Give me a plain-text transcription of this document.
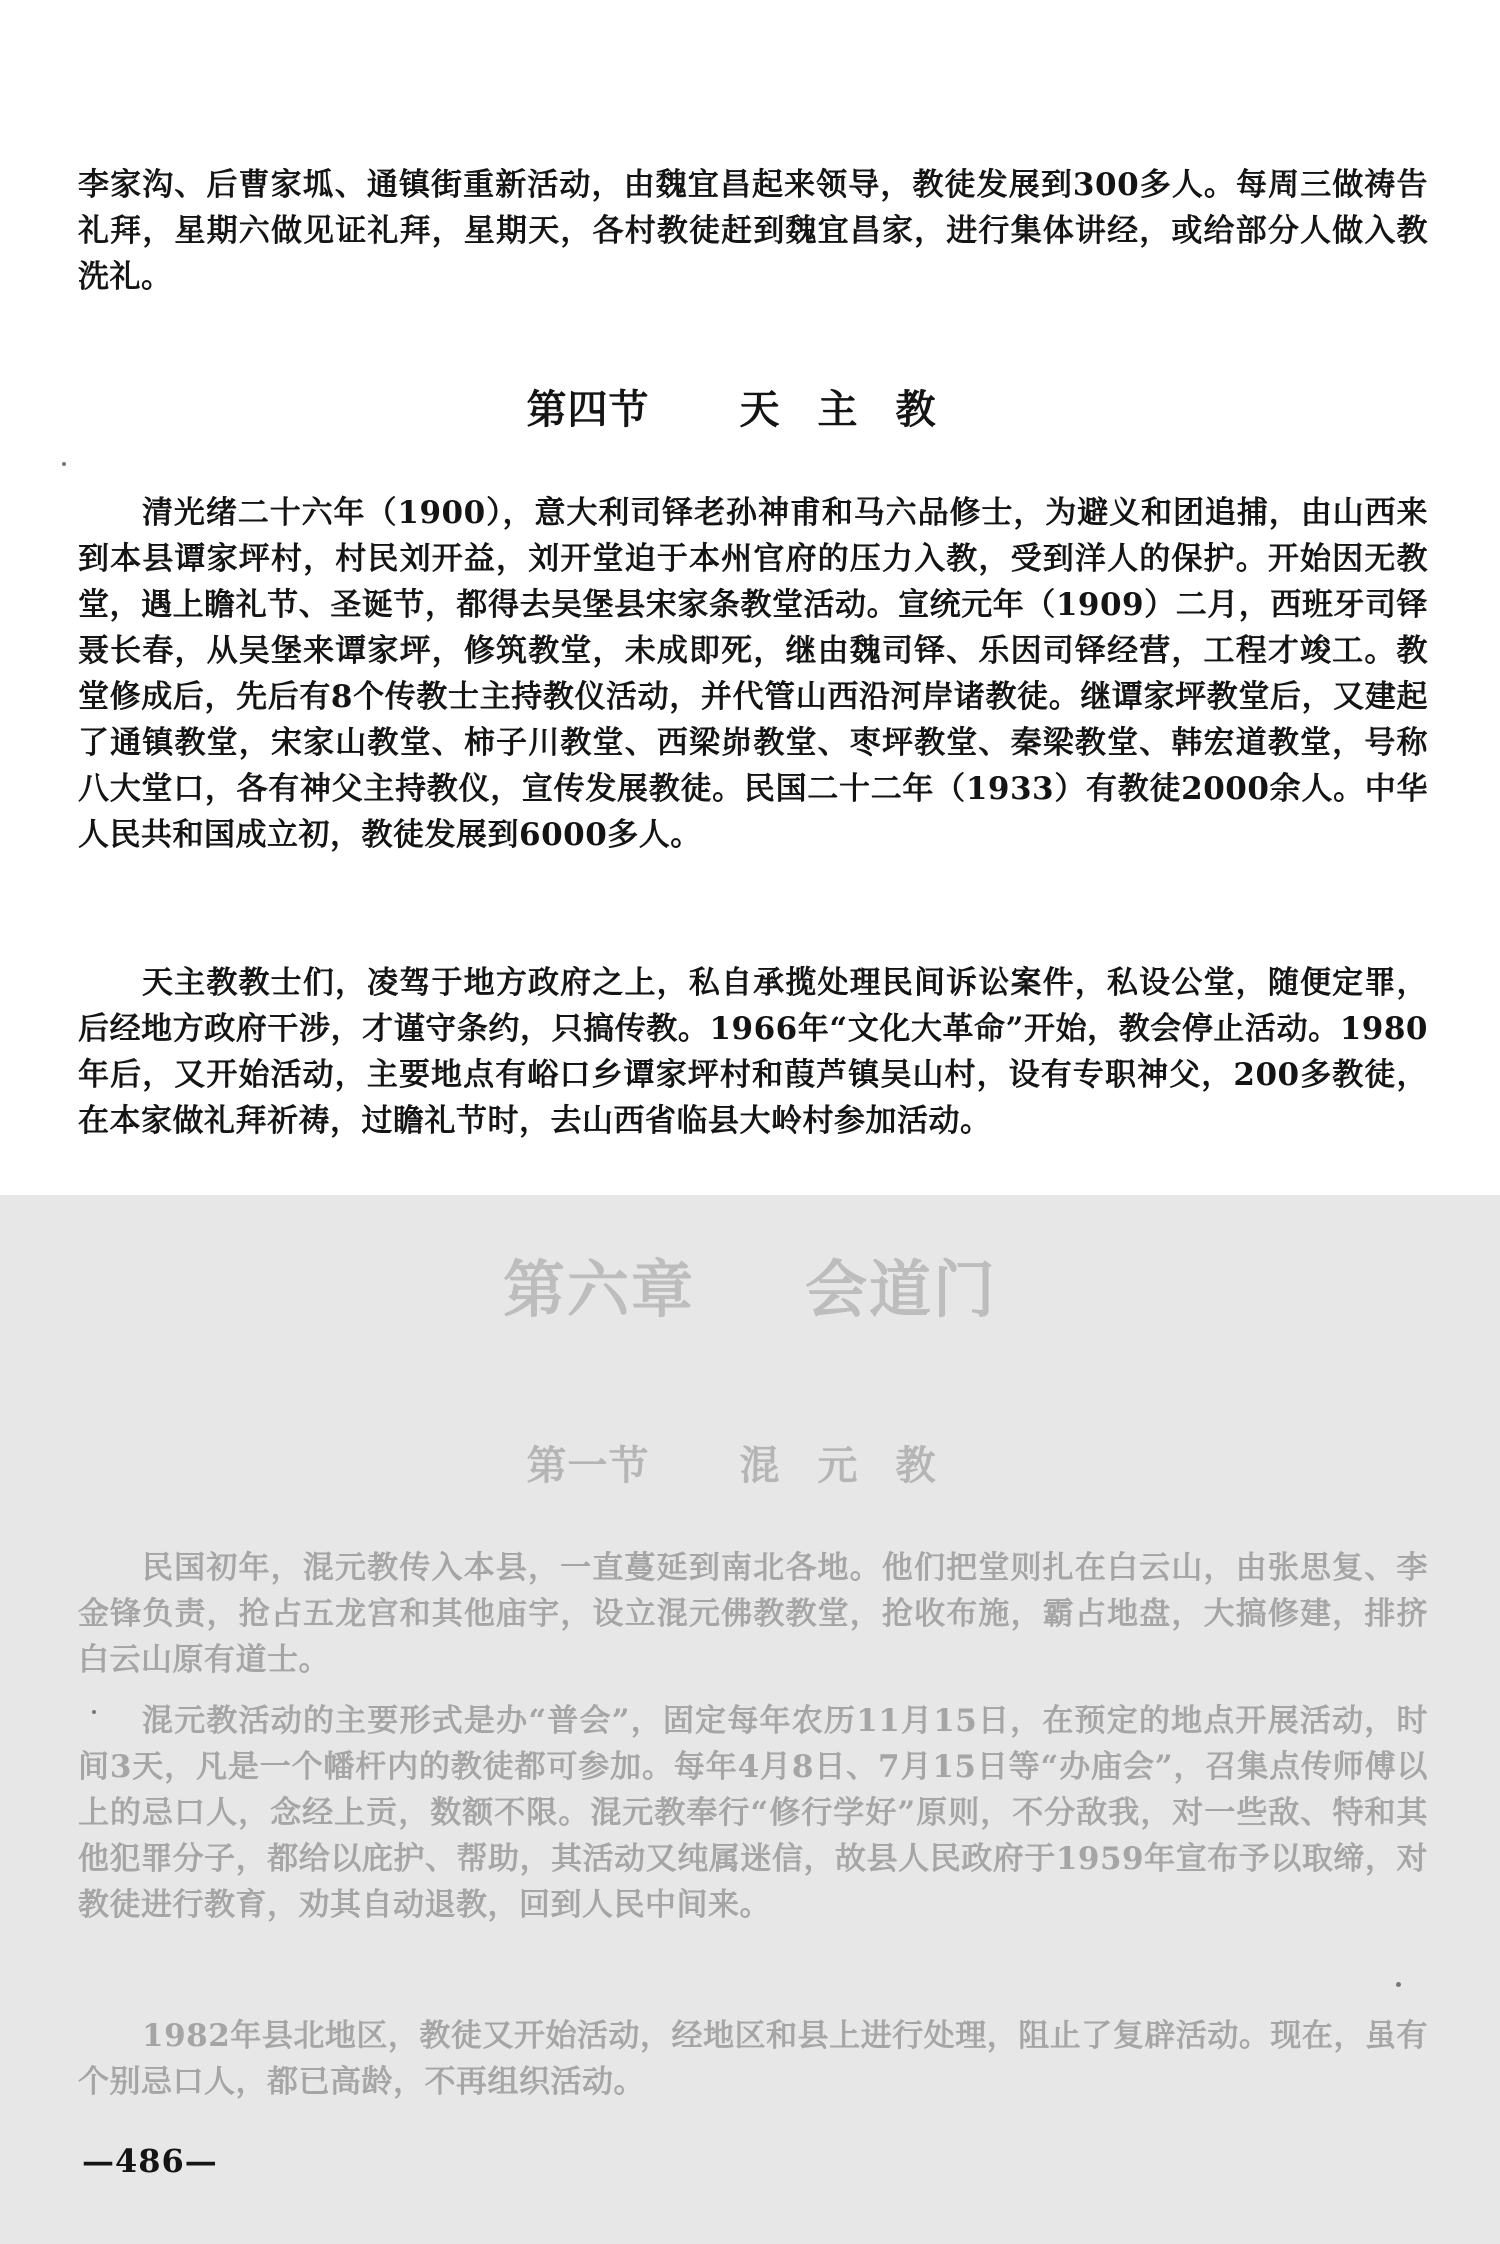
李家沟、后曹家坬、通镇街重新活动，由魏宜昌起来领导，教徒发展到300多人。每周三做祷告礼拜，星期六做见证礼拜，星期天，各村教徒赶到魏宜昌家，进行集体讲经，或给部分人做入教洗礼。

第四节 天主教

清光绪二十六年（1900），意大利司铎老孙神甫和马六品修士，为避义和团追捕，由山西来到本县谭家坪村，村民刘开益，刘开堂迫于本州官府的压力入教，受到洋人的保护。开始因无教堂，遇上瞻礼节、圣诞节，都得去吴堡县宋家条教堂活动。宣统元年（1909）二月，西班牙司铎聂长春，从吴堡来谭家坪，修筑教堂，未成即死，继由魏司铎、乐因司铎经营，工程才竣工。教堂修成后，先后有8个传教士主持教仪活动，并代管山西沿河岸诸教徒。继谭家坪教堂后，又建起了通镇教堂，宋家山教堂、柿子川教堂、西梁峁教堂、枣坪教堂、秦梁教堂、韩宏道教堂，号称八大堂口，各有神父主持教仪，宣传发展教徒。民国二十二年（1933）有教徒2000余人。中华人民共和国成立初，教徒发展到6000多人。

天主教教士们，凌驾于地方政府之上，私自承揽处理民间诉讼案件，私设公堂，随便定罪，后经地方政府干涉，才谨守条约，只搞传教。1966年“文化大革命”开始，教会停止活动。1980年后，又开始活动，主要地点有峪口乡谭家坪村和葭芦镇吴山村，设有专职神父，200多教徒，在本家做礼拜祈祷，过瞻礼节时，去山西省临县大岭村参加活动。

第六章 会道门
第一节 混元教

民国初年，混元教传入本县，一直蔓延到南北各地。他们把堂则扎在白云山，由张思复、李金锋负责，抢占五龙宫和其他庙宇，设立混元佛教教堂，抢收布施，霸占地盘，大搞修建，排挤白云山原有道士。

混元教活动的主要形式是办“普会”，固定每年农历11月15日，在预定的地点开展活动，时间3天，凡是一个幡杆内的教徒都可参加。每年4月8日、7月15日等“办庙会”，召集点传师傅以上的忌口人，念经上贡，数额不限。混元教奉行“修行学好”原则，不分敌我，对一些敌、特和其他犯罪分子，都给以庇护、帮助，其活动又纯属迷信，故县人民政府于1959年宣布予以取缔，对教徒进行教育，劝其自动退教，回到人民中间来。

1982年县北地区，教徒又开始活动，经地区和县上进行处理，阻止了复辟活动。现在，虽有个别忌口人，都已高龄，不再组织活动。

—486—
